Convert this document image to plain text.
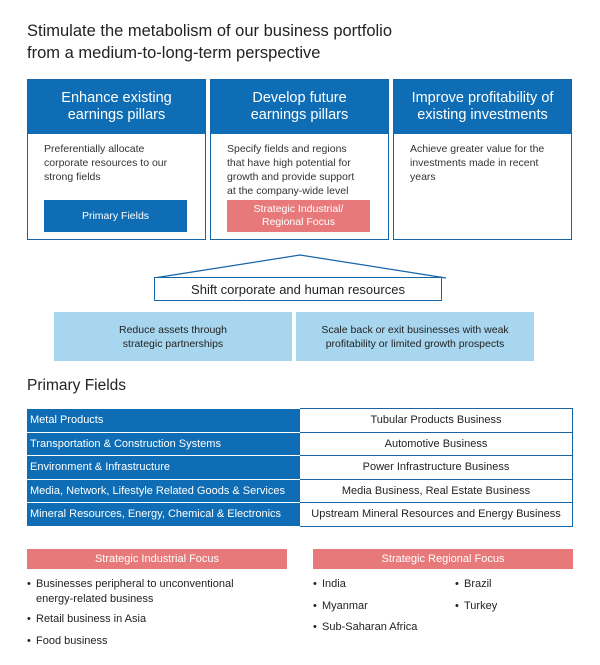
Stimulate the metabolism of our business portfolio
from a medium-to-long-term perspective
Enhance existing
earnings pillars
Preferentially allocate
corporate resources to our
strong fields
Primary Fields
Develop future
earnings pillars
Specify fields and regions
that have high potential for
growth and provide support
at the company-wide level
Strategic Industrial/
Regional Focus
Improve profitability of
existing investments
Achieve greater value for the
investments made in recent
years
Shift corporate and human resources
Reduce assets through
strategic partnerships
Scale back or exit businesses with weak
profitability or limited growth prospects
Primary Fields
Metal Products	Tubular Products Business
Transportation & Construction Systems	Automotive Business
Environment & Infrastructure	Power Infrastructure Business
Media, Network, Lifestyle Related Goods & Services	Media Business, Real Estate Business
Mineral Resources, Energy, Chemical & Electronics	Upstream Mineral Resources and Energy Business
Strategic Industrial Focus
• Businesses peripheral to unconventional
energy-related business
• Retail business in Asia
• Food business
Strategic Regional Focus
• India
• Myanmar
• Sub-Saharan Africa
• Brazil
• Turkey
